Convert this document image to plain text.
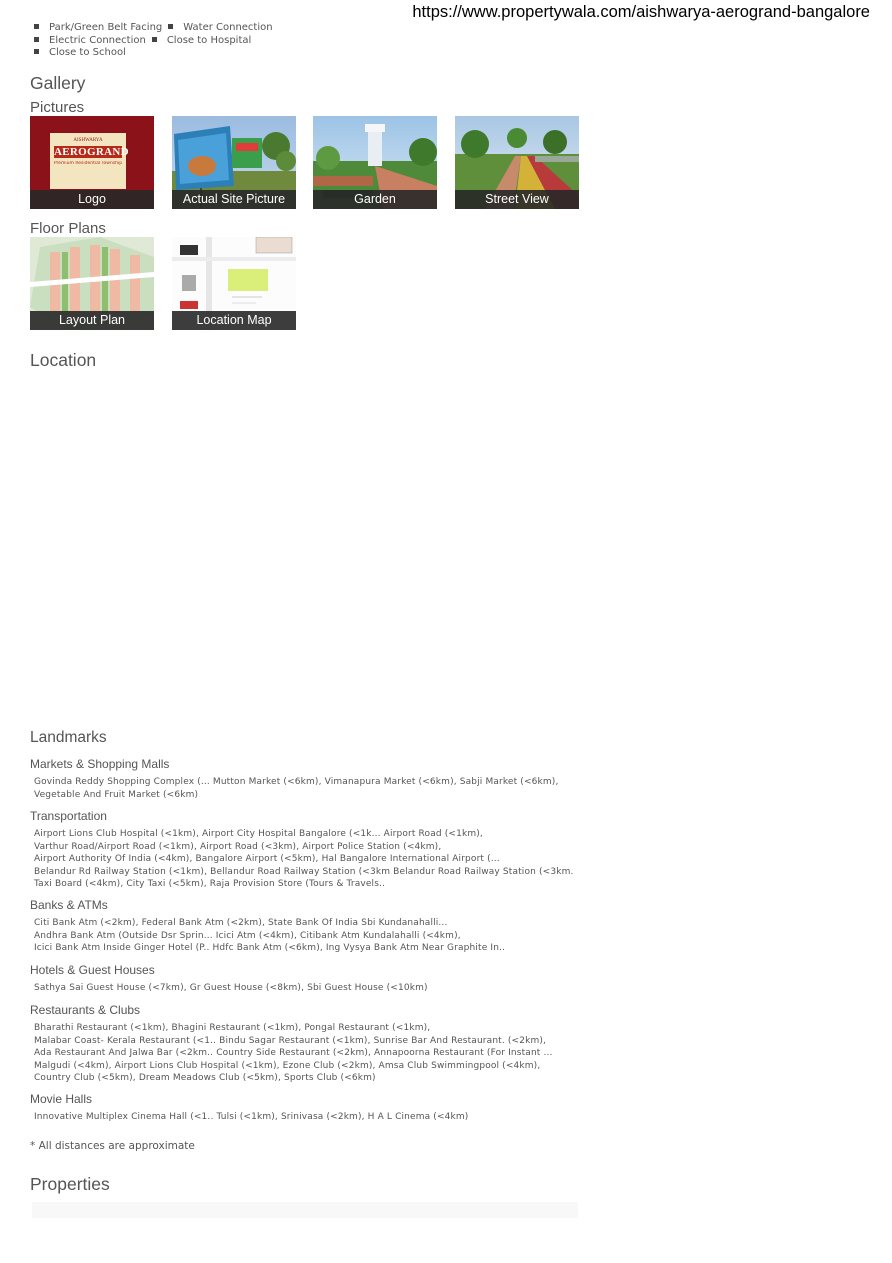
https://www.propertywala.com/aishwarya-aerogrand-bangalore
Park/Green Belt Facing Water Connection
Electric Connection Close to Hospital
Close to School
Gallery
Pictures
AISHWARYA
AEROGRAND
Premium Residential Township
Logo	Actual Site Picture	Garden	Street View
Floor Plans
Layout Plan	Location Map
Location
Landmarks
Markets & Shopping Malls
Govinda Reddy Shopping Complex (... Mutton Market (<6km), Vimanapura Market (<6km), Sabji Market (<6km),
Vegetable And Fruit Market (<6km)
Transportation
Airport Lions Club Hospital (<1km), Airport City Hospital Bangalore (<1k... Airport Road (<1km),
Varthur Road/Airport Road (<1km), Airport Road (<3km), Airport Police Station (<4km),
Airport Authority Of India (<4km), Bangalore Airport (<5km), Hal Bangalore International Airport (...
Belandur Rd Railway Station (<1km), Bellandur Road Railway Station (<3km Belandur Road Railway Station (<3km.
Taxi Board (<4km), City Taxi (<5km), Raja Provision Store (Tours & Travels..
Banks & ATMs
Citi Bank Atm (<2km), Federal Bank Atm (<2km), State Bank Of India Sbi Kundanahalli...
Andhra Bank Atm (Outside Dsr Sprin... Icici Atm (<4km), Citibank Atm Kundalahalli (<4km),
Icici Bank Atm Inside Ginger Hotel (P.. Hdfc Bank Atm (<6km), Ing Vysya Bank Atm Near Graphite In..
Hotels & Guest Houses
Sathya Sai Guest House (<7km), Gr Guest House (<8km), Sbi Guest House (<10km)
Restaurants & Clubs
Bharathi Restaurant (<1km), Bhagini Restaurant (<1km), Pongal Restaurant (<1km),
Malabar Coast- Kerala Restaurant (<1.. Bindu Sagar Restaurant (<1km), Sunrise Bar And Restaurant. (<2km),
Ada Restaurant And Jalwa Bar (<2km.. Country Side Restaurant (<2km), Annapoorna Restaurant (For Instant ...
Malgudi (<4km), Airport Lions Club Hospital (<1km), Ezone Club (<2km), Amsa Club Swimmingpool (<4km),
Country Club (<5km), Dream Meadows Club (<5km), Sports Club (<6km)
Movie Halls
Innovative Multiplex Cinema Hall (<1.. Tulsi (<1km), Srinivasa (<2km), H A L Cinema (<4km)
* All distances are approximate
Properties
